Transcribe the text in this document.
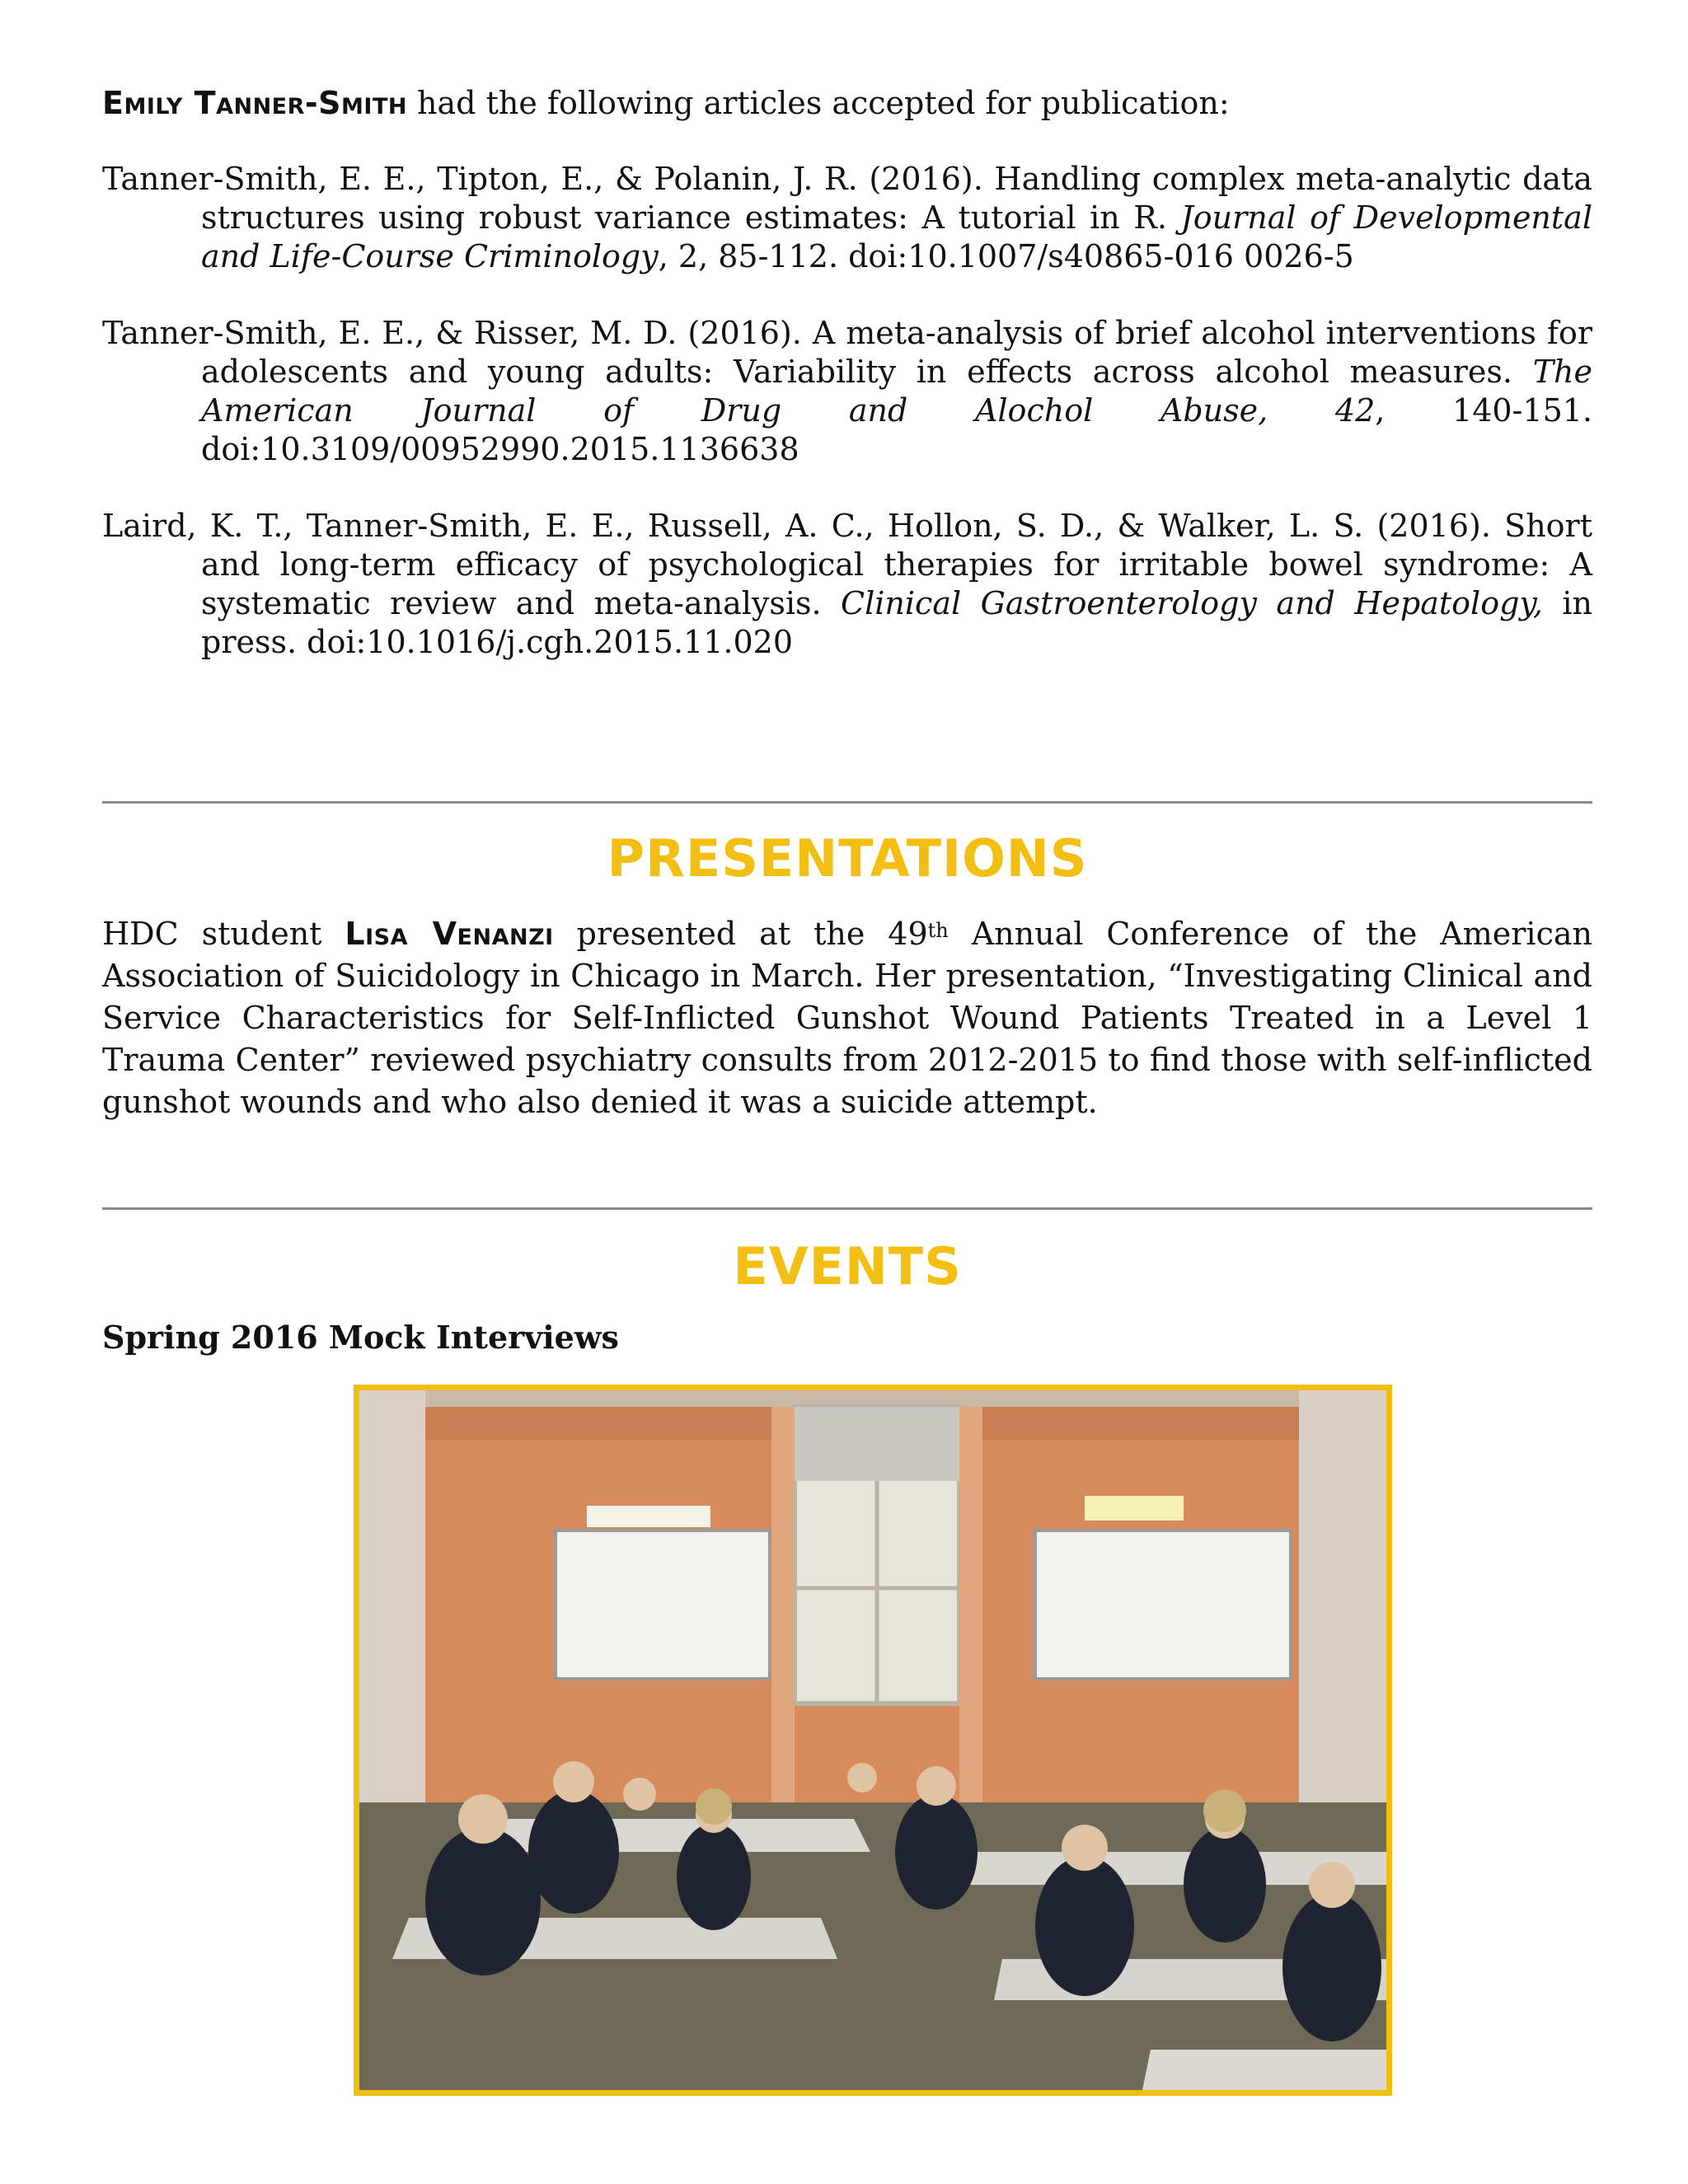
Emily Tanner-Smith had the following articles accepted for publication:

Tanner-Smith, E. E., Tipton, E., & Polanin, J. R. (2016). Handling complex meta-analytic data structures using robust variance estimates: A tutorial in R. Journal of Developmental and Life-Course Criminology, 2, 85-112. doi:10.1007/s40865-016 0026-5

Tanner-Smith, E. E., & Risser, M. D. (2016). A meta-analysis of brief alcohol interventions for adolescents and young adults: Variability in effects across alcohol measures. The American Journal of Drug and Alochol Abuse, 42, 140-151. doi:10.3109/00952990.2015.1136638

Laird, K. T., Tanner-Smith, E. E., Russell, A. C., Hollon, S. D., & Walker, L. S. (2016). Short and long-term efficacy of psychological therapies for irritable bowel syndrome: A systematic review and meta-analysis. Clinical Gastroenterology and Hepatology, in press. doi:10.1016/j.cgh.2015.11.020

PRESENTATIONS

HDC student Lisa Venanzi presented at the 49th Annual Conference of the American Association of Suicidology in Chicago in March. Her presentation, “Investigating Clinical and Service Characteristics for Self-Inflicted Gunshot Wound Patients Treated in a Level 1 Trauma Center” reviewed psychiatry consults from 2012-2015 to find those with self-inflicted gunshot wounds and who also denied it was a suicide attempt.

EVENTS

Spring 2016 Mock Interviews
